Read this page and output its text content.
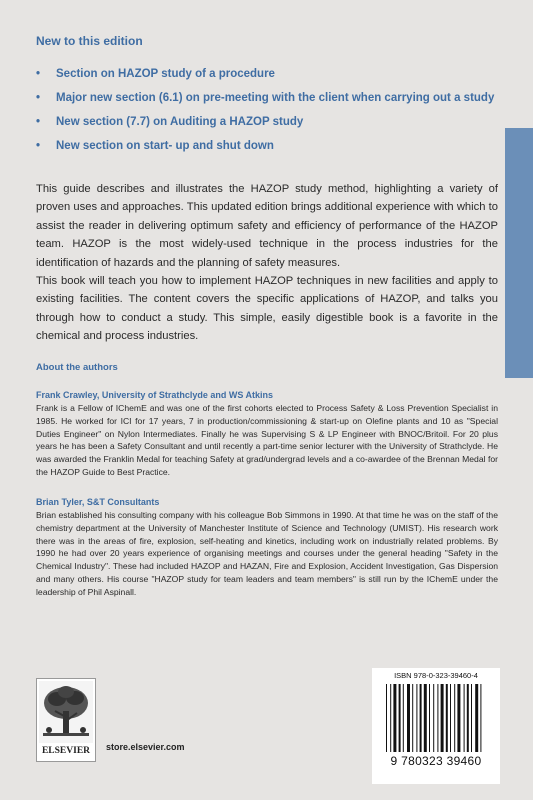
New to this edition
• Section on HAZOP study of a procedure
• Major new section (6.1) on pre-meeting with the client when carrying out a study
• New section (7.7) on Auditing a HAZOP study
• New section on start- up and shut down

This guide describes and illustrates the HAZOP study method, highlighting a variety of proven uses and approaches. This updated edition brings additional experience with which to assist the reader in delivering optimum safety and efficiency of performance of the HAZOP team. HAZOP is the most widely-used technique in the process industries for the identification of hazards and the planning of safety measures.

This book will teach you how to implement HAZOP techniques in new facilities and apply to existing facilities. The content covers the specific applications of HAZOP, and talks you through how to conduct a study. This simple, easily digestible book is a favorite in the chemical and process industries.

About the authors
Frank Crawley, University of Strathclyde and WS Atkins

Frank is a Fellow of IChemE and was one of the first cohorts elected to Process Safety & Loss Prevention Specialist in 1985. He worked for ICI for 17 years, 7 in production/commissioning & start-up on Olefine plants and 10 as "Special Duties Engineer" on Nylon Intermediates. Finally he was Supervising S & LP Engineer with BNOC/Britoil. For 20 plus years he has been a Safety Consultant and until recently a part-time senior lecturer with the University of Strathclyde. He was awarded the Franklin Medal for teaching Safety at grad/undergrad levels and a co-awardee of the Brennan Medal for the HAZOP Guide to Best Practice.

Brian Tyler, S&T Consultants

Brian established his consulting company with his colleague Bob Simmons in 1990. At that time he was on the staff of the chemistry department at the University of Manchester Institute of Science and Technology (UMIST). His research work there was in the areas of fire, explosion, self-heating and kinetics, including work on industrially related problems. By 1990 he had over 20 years experience of organising meetings and courses under the general heading "Safety in the Chemical Industry". These had included HAZOP and HAZAN, Fire and Explosion, Accident Investigation, Gas Dispersion and many others. His course "HAZOP study for team leaders and team members" is still run by the IChemE under the leadership of Phil Aspinall.

ELSEVIER	store.elsevier.com
ISBN 978-0-323-39460-4
9 780323 39460
